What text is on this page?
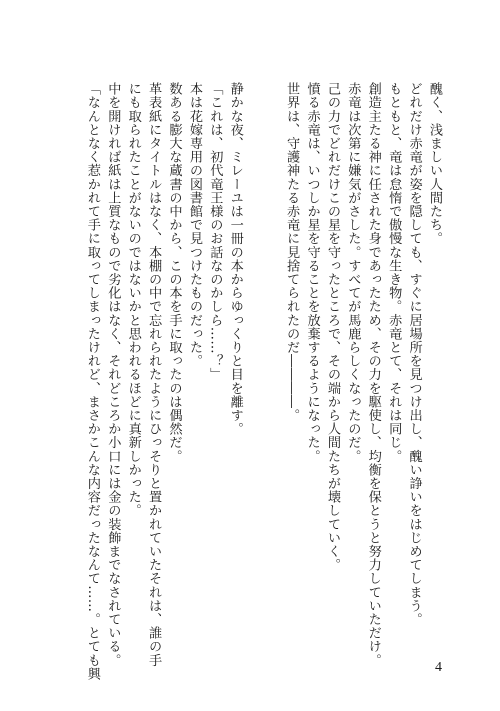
醜く、浅ましい人間たち。
どれだけ赤竜が姿を隠しても、すぐに居場所を見つけ出し、醜い諍いをはじめてしまう。
もともと、竜は怠惰で傲慢な生き物。赤竜とて、それは同じ。
創造主たる神に任された身であったため、その力を駆使し、均衡を保とうと努力していただけ。
赤竜は次第に嫌気がさした。すべてが馬鹿らしくなったのだ。
己の力でどれだけこの星を守ったところで、その端から人間たちが壊していく。
憤る赤竜は、いつしか星を守ることを放棄するようになった。
世界は、守護神たる赤竜に見捨てられたのだ――――。
静かな夜、ミレーユは一冊の本からゆっくりと目を離す。
「これは、初代竜王様のお話なのかしら……？」
本は花嫁専用の図書館で見つけたものだった。
数ある膨大な蔵書の中から、この本を手に取ったのは偶然だ。
革表紙にタイトルはなく、本棚の中で忘れられたようにひっそりと置かれていたそれは、誰の手
にも取られたことがないのではないかと思われるほどに真新しかった。
中を開ければ紙は上質なもので劣化はなく、それどころか小口には金の装飾までなされている。
「なんとなく惹かれて手に取ってしまったけれど、まさかこんな内容だったなんて……。とても興	4
